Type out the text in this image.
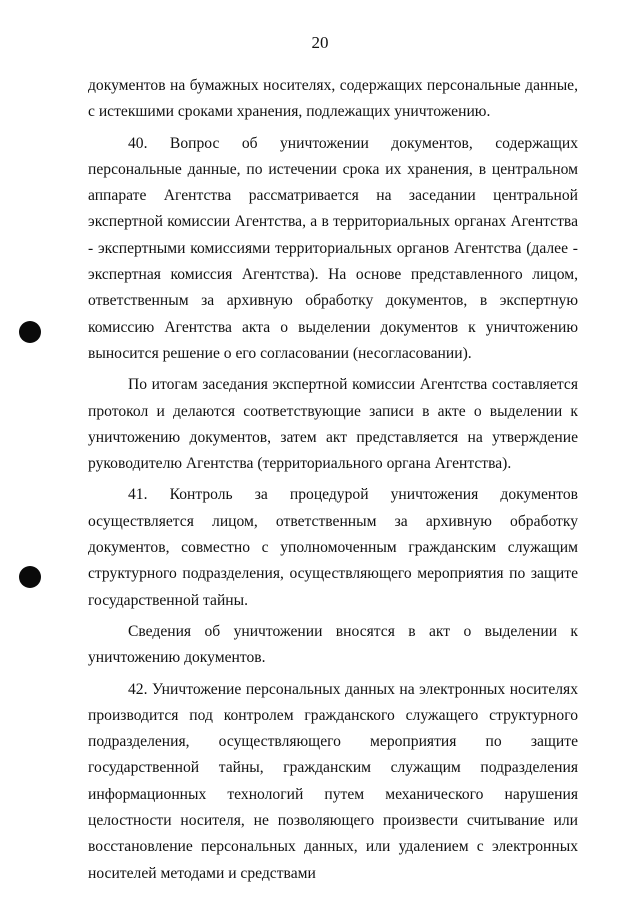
20

документов на бумажных носителях, содержащих персональные данные, с истекшими сроками хранения, подлежащих уничтожению.

40. Вопрос об уничтожении документов, содержащих персональные данные, по истечении срока их хранения, в центральном аппарате Агентства рассматривается на заседании центральной экспертной комиссии Агентства, а в территориальных органах Агентства - экспертными комиссиями территориальных органов Агентства (далее - экспертная комиссия Агентства). На основе представленного лицом, ответственным за архивную обработку документов, в экспертную комиссию Агентства акта о выделении документов к уничтожению выносится решение о его согласовании (несогласовании).

По итогам заседания экспертной комиссии Агентства составляется протокол и делаются соответствующие записи в акте о выделении к уничтожению документов, затем акт представляется на утверждение руководителю Агентства (территориального органа Агентства).

41. Контроль за процедурой уничтожения документов осуществляется лицом, ответственным за архивную обработку документов, совместно с уполномоченным гражданским служащим структурного подразделения, осуществляющего мероприятия по защите государственной тайны.

Сведения об уничтожении вносятся в акт о выделении к уничтожению документов.

42. Уничтожение персональных данных на электронных носителях производится под контролем гражданского служащего структурного подразделения, осуществляющего мероприятия по защите государственной тайны, гражданским служащим подразделения информационных технологий путем механического нарушения целостности носителя, не позволяющего произвести считывание или восстановление персональных данных, или удалением с электронных носителей методами и средствами
